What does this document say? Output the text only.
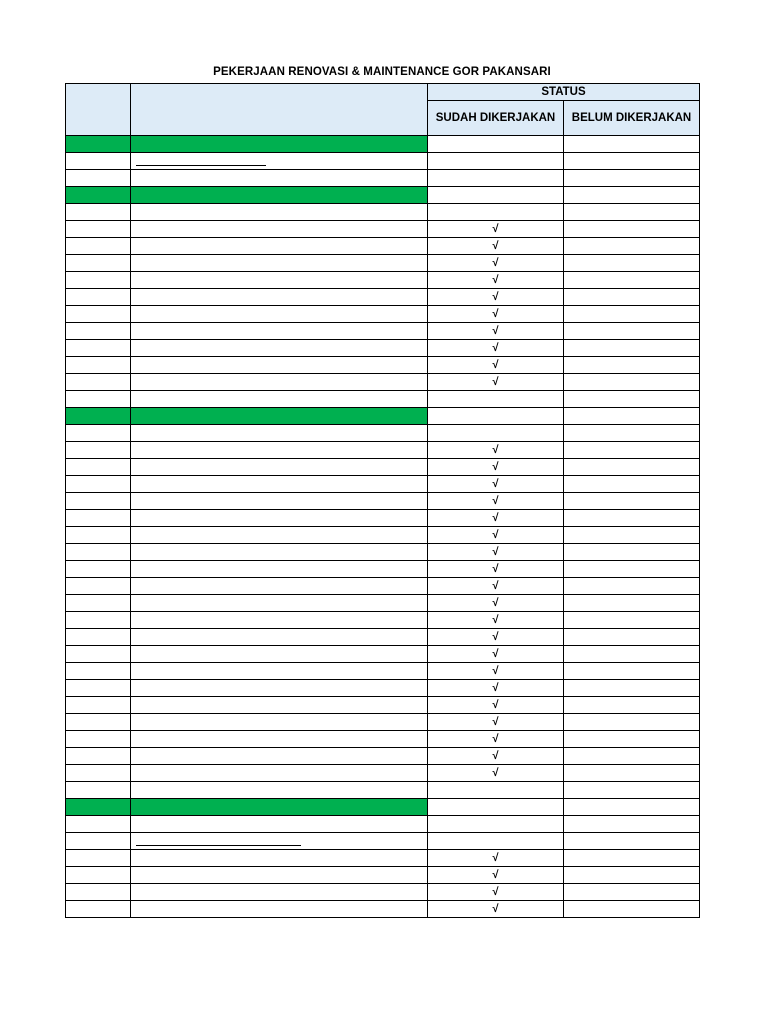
PEKERJAAN RENOVASI & MAINTENANCE GOR PAKANSARI
		STATUS	
		SUDAH DIKERJAKAN	BELUM DIKERJAKAN

		√	
		√	
		√	
		√	
		√	
		√	
		√	
		√	
		√	
		√	

		√	
		√	
		√	
		√	
		√	
		√	
		√	
		√	
		√	
		√	
		√	
		√	
		√	
		√	
		√	
		√	
		√	
		√	
		√	
		√	

		√	
		√	
		√	
		√	
